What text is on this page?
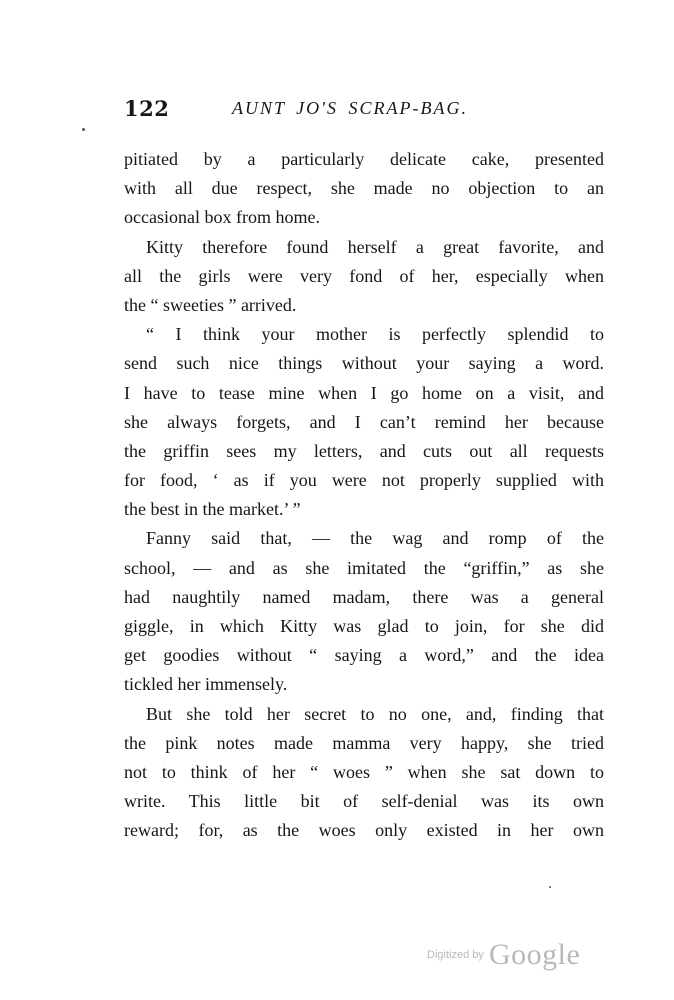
122	AUNT JO'S SCRAP-BAG.
pitiated by a particularly delicate cake, presented
with all due respect, she made no objection to an
occasional box from home.
Kitty therefore found herself a great favorite, and
all the girls were very fond of her, especially when
the “ sweeties ” arrived.
“ I think your mother is perfectly splendid to
send such nice things without your saying a word.
I have to tease mine when I go home on a visit, and
she always forgets, and I can’t remind her because
the griffin sees my letters, and cuts out all requests
for food, ‘ as if you were not properly supplied with
the best in the market.’ ”
Fanny said that, — the wag and romp of the
school, — and as she imitated the “griffin,” as she
had naughtily named madam, there was a general
giggle, in which Kitty was glad to join, for she did
get goodies without “ saying a word,” and the idea
tickled her immensely.
But she told her secret to no one, and, finding that
the pink notes made mamma very happy, she tried
not to think of her “ woes ” when she sat down to
write. This little bit of self-denial was its own
reward; for, as the woes only existed in her own
Digitized by Google
